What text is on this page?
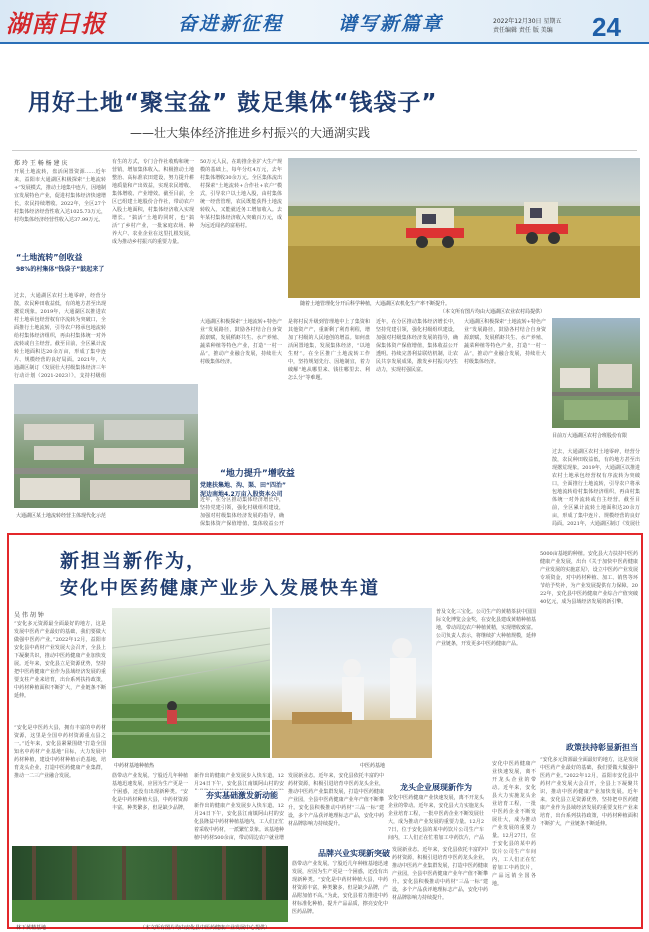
湖南日报	奋进新征程	谱写新篇章	2022年12月30日 星期五
责任编辑 责任 版 美编	24
用好土地“聚宝盆” 鼓足集体“钱袋子”
——壮大集体经济推进乡村振兴的大通湖实践
郑 玲 王 畅 杨 建 庆
开展土地流转，盘活闲置资源……近年来，益阳市大通湖区积极探索“土地流转+”发展模式，推动土地集中连片，因地制宜发展特色产业，促进村集体经济快速增长，农民持续增收。2022年，全区27个村集体经济经营性收入达1025.73万元，村均集体经济经营性收入达37.99万元。
“土地流转”创收益
98%的村集体“钱袋子”鼓起来了
过去，大通湖区农村土地零碎，经营分散，农民种田收益低，有的地方甚至出现撂荒现象。2019年，大通湖区以推进农村土地承包经营权有序流转为突破口，全面推行土地流转，引导农户将承包地流转给村集体经济组织，再由村集体统一对外流转或自主经营。截至目前，全区累计流转土地面积达20余万亩，形成了集中连片、规模经营的良好局面。2021年，大通湖区制订《发展壮大村级集体经济三年行动计划（2021-2023）》，支持村级组
有生的方式，专门合作社收购和统一营销，增加集体收入。积极推动土地整治、高标准农田建设，努力提升耕地质量和产出效益，实现农民增收、集体增收、产业增效。截至目前，全区已组建土地股份合作社，带动农户入股土地面积，村集体经济收入实现增长。“搞活”土地的同时，也“搞活”了乡村产业，一批家庭农场、种养大户、农业企业在这里扎根发展，成为推动乡村振兴的重要力量。
50万元人民，在助推企业扩大生产规模的基础上，每年分红4万元，去年村集体增收30余万元。全区集体流出村探索“土地流转+合作社+农户”模式，引导农户以土地入股，由村集体统一经营管理，农民既能获得土地流转收入，又能就近务工增加收入。去年某村集体经济收入突破百万元，成为远近闻名的富裕村。
随着土地管理化分开后科学种植，大通湖区农机化生产率不断提升。
（本文所有图片均由大通湖区农业农村局提供）
大通湖区积极探索“土地流转+特色产业”发展路径，鼓励各村结合自身资源禀赋，发展稻虾共生、水产养殖、蔬菜种植等特色产业，打造“一村一品”，推动产业融合发展，持续壮大村级集体经济。
大通湖区某土地流转经营主体现代化示范
“地力提升”增收益
党建扶集地、沟、渠、田“四治” 泥边南地4.2万亩入股资本公司
近年，在分区推动集体经济增长中，坚持党建引领，强化村级组织建设，加强对村级集体经济发展的指导，确保集体资产保值增值，集体收益公开
是将村民升级到管理地中上了集资和其他资产产，重新剩了利育利程，增加了村级的人民地创的增益。如何盘活闲置地集，发展集体经济，“以地生财”。在全区推广土地流转工作中，坚持规划先行、因地制宜，着力破解“地从哪里来、钱往哪里去、利怎么分”等难题。
近年，在分区推动集体经济增长中，坚持党建引领，强化村级组织建设，加强对村级集体经济发展的指导，确保集体资产保值增值，集体收益公开透明。持续完善利益联结机制，让农民共享发展成果，激发乡村振兴内生动力，实现村强民富。
大通湖区积极探索“土地流转+特色产业”发展路径，鼓励各村结合自身资源禀赋，发展稻虾共生、水产养殖、蔬菜种植等特色产业，打造“一村一品”，推动产业融合发展，持续壮大村级集体经济。
目前万大通湖区农村合班股份有限
过去，大通湖区农村土地零碎，经营分散，农民种田收益低，有的地方甚至出现撂荒现象。2019年，大通湖区以推进农村土地承包经营权有序流转为突破口，全面推行土地流转，引导农户将承包地流转给村集体经济组织，再由村集体统一对外流转或自主经营。截至目前，全区累计流转土地面积达20余万亩，形成了集中连片、规模经营的良好局面。2021年，大通湖区制订《发展壮
新担当新作为，
安化中医药健康产业步入发展快车道
吴 伟 胡 钟
“安化多元资源最全面最好的地方，这是发展中医药产业最好的基础，我们要做大做强中医药产业。”2022年12月，益阳市安化县中药材产业发展大会召开，全县上下凝聚共识，推动中医药健康产业加快发展。近年来，安化县立足资源优势，坚持把中医药健康产业作为县域经济发展的重要支柱产业来培育，出台系列扶持政策，中药材种植面积不断扩大，产业链条不断延伸。
中药材基地种植热	中医药基地
普及文化三宝化。公司生产的黄精茶获中国国际文化博览会金奖，在安化县建成黄精种植基地，带动周边农户种植黄精，实现增收致富。公司负责人表示，将继续扩大种植规模，延伸产业链条，开发更多中医药健康产品。
5000亩基地的种植。安化县大力扶持中医药健康产业发展，出台《关于加快中医药健康产业发展的实施意见》，设立中医药产业发展专项资金，对中药材种植、加工、销售等环节给予奖补，为产业发展提供有力保障。2022年，安化县中医药健康产业综合产值突破40亿元，成为县域经济发展的新引擎。
“安化是中医药大县，拥有丰富的中药材资源，这里是全国中药材资源重点县之一。”近年来，安化县紧紧围绕“打造全国知名中药材产业基地”目标，大力发展中药材种植，建设中药材种植示范基地，培育龙头企业，打造中医药健康产业集群，推动一二三产业融合发展。	筋带动产业发展。宁股近几年种植基地迅速发展，应因为生产更是一个困惑，还没有出现新种类。“安化是中药材种植大县，中药材资源丰富，种类繁多，但是缺少品牌，
夯实基础激发新动能
新作出的健康产业发展步入快车道。12月24日下午，安化县江南镇阿山村的安
新作出的健康产业发展步入快车道。12月24日下午，安化县江南镇阿山村的安化县隆益中药材种植基地内，工人们正忙着采收中药材，一派繁忙景象。该基地种植中药材500余亩，带动周边农户就业增
发展新业态。近年来，安化县依托丰富的中药材资源，积极引进培育中医药龙头企业，推动中医药产业集群发展，打造中医药健康产业园，全县中医药健康产业年产值不断攀升。安化县积极推动中药材“三品一标”建设，多个产品获评地理标志产品，安化中药材品牌影响力持续提升。
龙头企业展现新作为
安化中医药健康产业快速发展，离不开龙头企业的带动。近年来，安化县大力实施龙头企业培育工程，一批中医药企业不断发展壮大，成为推动产业发展的重要力量。12月27日，位于安化县的某中药饮片公司生产车间内，工人们正在忙着加工中药饮片，产品
政策扶持彰显新担当
“安化多元资源最全面最好的地方，这是发展中医药产业最好的基础，我们要做大做强中医药产业。”2022年12月，益阳市安化县中药材产业发展大会召开，全县上下凝聚共识，推动中医药健康产业加快发展。近年来，安化县立足资源优势，坚持把中医药健康产业作为县域经济发展的重要支柱产业来培育，出台系列扶持政策，中药材种植面积不断扩大，产业链条不断延伸。
林下黄精基地	（本文所有图片均由安化县中医药健康产业发展中心提供）
品牌兴业实现新突破
筋带动产业发展。宁股近几年种植基地迅速发展，应因为生产更是一个困惑，还没有出现新种类。“安化是中药材种植大县，中药材资源丰富，种类繁多，但是缺少品牌，产品附加值不高。”为此，安化县着力推进中药材标准化种植，提升产品品质，擦亮安化中医药品牌。
发展新业态。近年来，安化县依托丰富的中药材资源，积极引进培育中医药龙头企业，推动中医药产业集群发展，打造中医药健康产业园，全县中医药健康产业年产值不断攀升。安化县积极推动中药材“三品一标”建设，多个产品获评地理标志产品，安化中药材品牌影响力持续提升。
安化中医药健康产业快速发展，离不开龙头企业的带动。近年来，安化县大力实施龙头企业培育工程，一批中医药企业不断发展壮大，成为推动产业发展的重要力量。12月27日，位于安化县的某中药饮片公司生产车间内，工人们正在忙着加工中药饮片，产品远销全国各地。
